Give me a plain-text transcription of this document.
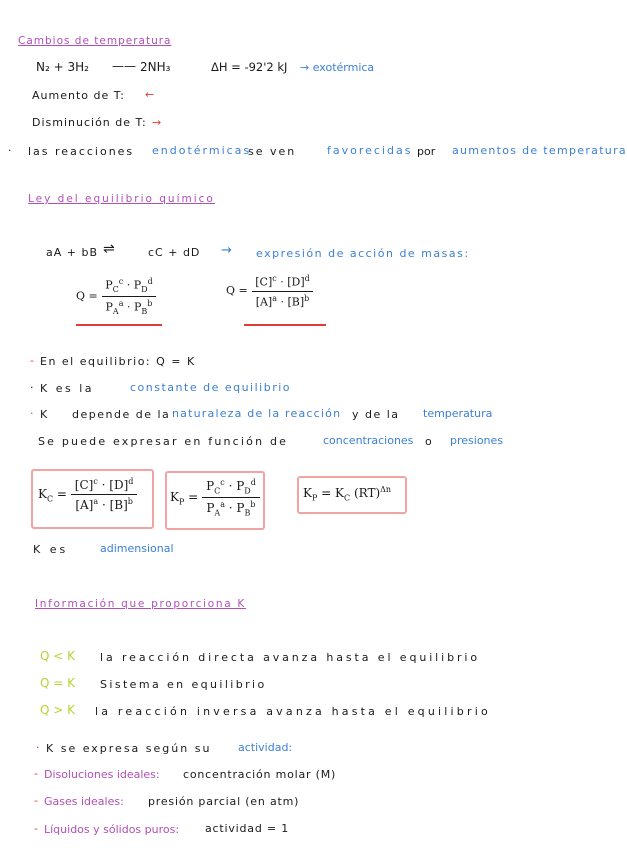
Cambios de temperatura
N₂ + 3H₂ —— 2NH₃	ΔH = -92'2 kJ → exotérmica
Aumento de T: ←
Disminución de T: →
· las reacciones endotérmicas
se ven	favorecidas por aumentos de temperatura
Ley del equilibrio químico
aA + bB ⇌	cC + dD → expresión de acción de masas:
$Q = \frac{P_C^c \cdot P_D^d}{P_A^a \cdot P_B^b}$	$Q = \frac{[C]^c \cdot [D]^d}{[A]^a \cdot [B]^b}$
- En el equilibrio: Q = K
· K es la	constante de equilibrio
· K depende de la naturaleza de la reacción y de la temperatura
Se puede expresar en función de	concentraciones o presiones
$K_C = \frac{[C]^c \cdot [D]^d}{[A]^a \cdot [B]^b}$	$K_P = \frac{P_C^c \cdot P_D^d}{P_A^a \cdot P_B^b}$	$K_P = K_C$ (RT)$^{\Delta n}$
K es	adimensional
Información que proporciona K
Q < K la reacción directa avanza hasta el equilibrio
Q = K Sistema en equilibrio
Q > K la reacción inversa avanza hasta el equilibrio
· K se expresa según su actividad:
- Disoluciones ideales: concentración molar (M)
- Gases ideales: presión parcial (en atm)
- Líquidos y sólidos puros: actividad = 1
